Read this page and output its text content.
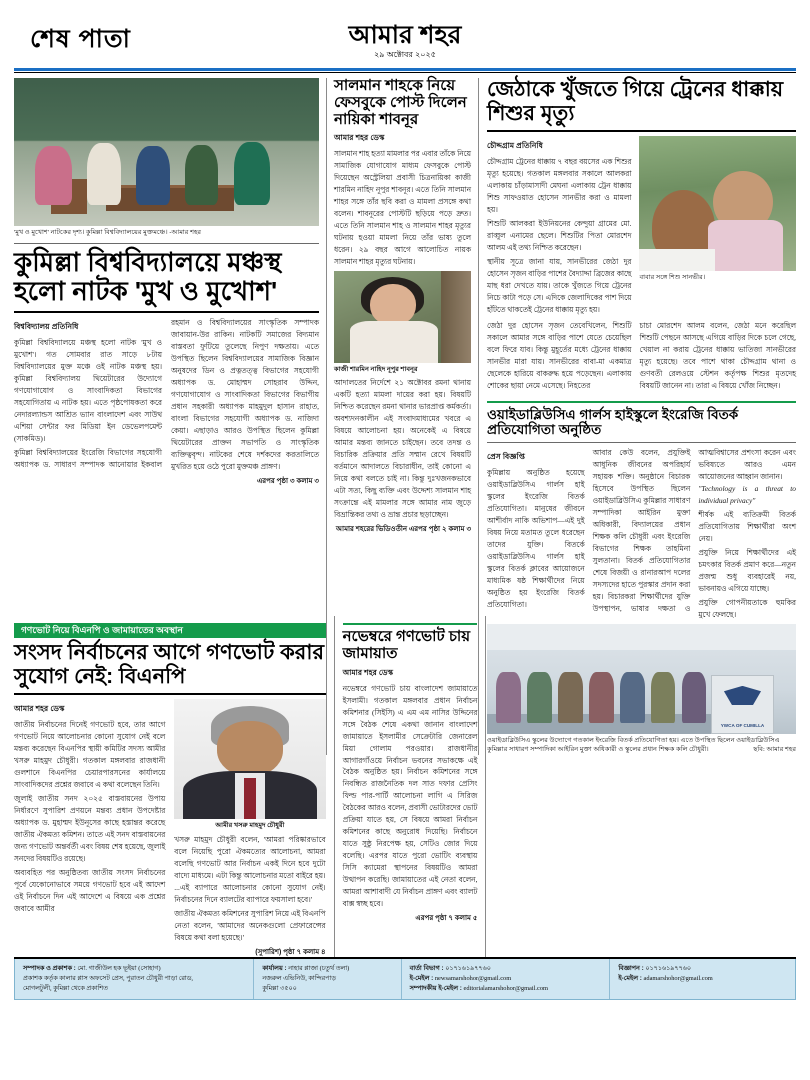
শেষ পাতা	আমার শহর
২৯ অক্টোবর ২০২৫
'মুখ ও মুখোশ' নাটকের দৃশ্য। কুমিল্লা বিশ্ববিদ্যালয়ের মুক্তমঞ্চে। -আমার শহর
কুমিল্লা বিশ্ববিদ্যালয়ে মঞ্চস্থ হলো নাটক 'মুখ ও মুখোশ'
বিশ্ববিদ্যালয় প্রতিনিধি

কুমিল্লা বিশ্ববিদ্যালয়ে মঞ্চস্থ হলো নাটক 'মুখ ও মুখোশ'। গত সোমবার রাত সাড়ে ৮টায় বিশ্ববিদ্যালয়ের মুক্ত মঞ্চে ওই নাটক মঞ্চস্থ হয়। কুমিল্লা বিশ্ববিদ্যালয় থিয়েটারের উদ্যোগে গণযোগাযোগ ও সাংবাদিকতা বিভাগের সহযোগিতায় এ নাটক হয়। এতে পৃষ্ঠপোষকতা করে নেদারল্যান্ডস আশ্রিত ভ্যান বাংলাদেশ এবং সাউথ এশিয়া সেন্টার ফর মিডিয়া ইন ডেভেলপমেন্ট (সাকমিড)।

কুমিল্লা বিশ্ববিদ্যালয়ের ইংরেজি বিভাগের সহযোগী অধ্যাপক ড. সাধারণ সম্পাদক আনোয়ার ইকবাল রহমান ও বিশ্ববিদ্যালয়ের সাংস্কৃতিক সম্পাদক জাবায়ান-উর রাকিন। নাটকটি সমাজের বিদ্যমান বাস্তবতা ফুটিয়ে তুলেছে নিপুণ দক্ষতায়। এতে উপস্থিত ছিলেন বিশ্ববিদ্যালয়ের সামাজিক বিজ্ঞান অনুষদের ডিন ও প্রত্নতত্ত্ব বিভাগের সহযোগী অধ্যাপক ড. মোহাম্মদ সোহরাব উদ্দিন, গণযোগাযোগ ও সাংবাদিকতা বিভাগের বিভাগীয় প্রধান সহকারী অধ্যাপক মাহমুদুল হাসান রাহাত, বাংলা বিভাগের সহযোগী অধ্যাপক ড. নাজিদা কেয়া। এছাড়াও আরও উপস্থিত ছিলেন কুমিল্লা থিয়েটারের প্রাক্তন সভাপতি ও সাংস্কৃতিক ব্যক্তিত্ববৃন্দ। নাটকের শেষে দর্শকদের করতালিতে মুখরিত হয়ে ওঠে পুরো মুক্তমঞ্চ প্রাঙ্গণ।

এরপর পৃষ্ঠা ৩ কলাম ৩
সালমান শাহকে নিয়ে ফেসবুকে পোস্ট দিলেন নায়িকা শাবনূর
আমার শহর ডেস্ক

সালমান শাহ হত্যা মামলার পর এবার তাঁকে নিয়ে সামাজিক যোগাযোগ মাধ্যম ফেসবুকে পোস্ট দিয়েছেন অস্ট্রেলিয়া প্রবাসী চিত্রনায়িকা কাজী শারমিন নাহিদ নূপুর শাবনূর। এতে তিনি সালমান শাহর সঙ্গে তাঁর ছবি করা ও মামলা প্রসঙ্গে কথা বলেন। শাবনূরের পোস্টটি ছড়িয়ে পড়ে দ্রুত। এতে তিনি সালমান শাহ ও সালমান শাহর মৃত্যুর ঘটনায় হওয়া মামলা নিয়ে তাঁর ভাষ্য তুলে ধরেন। ২৯ বছর আগে আলোচিত নায়ক সালমান শাহর মৃত্যুর ঘটনায়।

কাজী শারমিন নাহিদ নূপুর শাবনূর

আদালতের নির্দেশে ২১ অক্টোবর রমনা থানায় একটি হত্যা মামলা দায়ের করা হয়। বিষয়টি নিশ্চিত করেছেন রমনা থানার ভারপ্রাপ্ত কর্মকর্তা। অবশ্যদনকালীন এই সংবাদমাধ্যমের খবরে এ বিষয়ে আলোচনা হয়। অনেকেই এ বিষয়ে আমার মন্তব্য জানতে চাইছেন। তবে তদন্ত ও বিচারিক প্রক্রিয়ার প্রতি সম্মান রেখে বিষয়টি বর্তমানে আদালতে বিচারাধীন, তাই কোনো এ নিয়ে কথা বলতে চাই না। কিন্তু দুঃখজনকভাবে এটা সত্য, কিছু ব্যক্তি এবং উদ্দেশ্য সালমান শাহ সংক্রান্তে এই মামলার সঙ্গে আমার নাম জুড়ে বিভ্রান্তিকর তথ্য ও ভ্রান্ত প্রচার ছড়াচ্ছেন।

আমার শহরের ভিডিওতীন এরপর পৃষ্ঠা ২ কলাম ৩
জেঠাকে খুঁজতে গিয়ে ট্রেনের ধাক্কায় শিশুর মৃত্যু
চৌদ্দগ্রাম প্রতিনিধি

চৌদ্দগ্রাম ট্রেনের ধাক্কায় ৭ বছর বয়সের এক শিশুর মৃত্যু হয়েছে। গতকাল মঙ্গলবার সকালে আলকরা এলাকায় চাঁড়ামাসাদী মেঘনা এলাকায় ট্রেন ধাক্কায় শিশু সাফওয়াত হোসেন সানভীর করা ও মামলা হয়।

শিশুটি আলকরা ইউনিয়নের কেন্দুয়া গ্রামের মো. রাব্বুল এনামের ছেলে। শিশুটির পিতা মোরশেদ আলম এই তথ্য নিশ্চিত করেছেন।

স্থানীয় সূত্রে জানা যায়, সানভীরের জেঠা দুর হোসেন সৃজন বাড়ির পাশের বৈদ্যাদ্দা ব্রিজের কাছে মাছ ধরা দেখতে যায়। তাকে খুঁজতে গিয়ে ট্রেনের নিচে কাটা পড়ে সে। এদিকে জেলাদিকের পাশ দিয়ে হাঁটতে থাকতেই ট্রেনের ধাক্কায় মৃত্যু হয়।

বাবার সঙ্গে শিশু সানভীর।

জেঠা দুর হোসেন সৃজন তেবেখিলেন, শিশুটি সকালে আমার সঙ্গে বাড়ির পাশে যেতে চেয়েছিল বলে ফিরে যাব। কিন্তু মুহূর্তের মধ্যে ট্রেনের ধাক্কায় সানভীর মারা যায়। সানভীরের বাবা-মা একমাত্র ছেলেকে হারিয়ে বাকরুদ্ধ হয়ে পড়েছেন। এলাকায় শোকের ছায়া নেমে এসেছে। নিহতের

চাচা মোরশেদ আলম বলেন, জেঠা মনে করেছিল শিশুটি পেছনে আসছে এগিয়ে বাড়ির দিকে চলে গেছে, খেয়াল না করায় ট্রেনের ধাক্কায় ভাতিজা সানভীরের মৃত্যু হয়েছে। তবে পাশে থাকা চৌদ্দগ্রাম থানা ও গুণবতী রেলওয়ে স্টেশন কর্তৃপক্ষ শিশুর মৃতদেহ বিষয়টি জানেন না। তারা এ বিষয়ে খোঁজ নিচ্ছেন।

ওয়াইডাব্লিউসিএ গার্লস হাইস্কুলে ইংরেজি বিতর্ক প্রতিযোগিতা অনুষ্ঠিত
প্রেস বিজ্ঞপ্তি

কুমিল্লায় অনুষ্ঠিত হয়েছে ওয়াইডাব্লিউসিএ গার্লস হাই স্কুলের ইংরেজি বিতর্ক প্রতিযোগিতা। মানুষের জীবনে আশীর্বাদ নাকি অভিশাপ—এই দুই বিষয় নিয়ে মতামত তুলে ধরেছেন তাদের যুক্তি। বিতর্কে ওয়াইডাব্লিউসিএ গার্লস হাই স্কুলের বিতর্ক ক্লাবের আয়োজনে মাধ্যমিক ষষ্ঠ শিক্ষার্থীদের নিয়ে অনুষ্ঠিত হয় ইংরেজি বিতর্ক প্রতিযোগিতা।

আবার কেউ বলেন, প্রযুক্তিই আধুনিক জীবনের অপরিহার্য সহায়ক শক্তি। অনুষ্ঠানে বিচারক হিসেবে উপস্থিত ছিলেন ওয়াইডাব্লিউসিএ কুমিল্লার সাধারণ সম্পাদিকা আইরিন মুক্তা অধিকারী, বিদ্যালয়ের প্রধান শিক্ষক কলি চৌধুরী এবং ইংরেজি বিভাগের শিক্ষক তাহমিনা সুলতানা। বিতর্ক প্রতিযোগিতার শেষে বিজয়ী ও রানারআপ দলের সদস্যদের হাতে পুরস্কার প্রদান করা হয়। বিচারকরা শিক্ষার্থীদের যুক্তি উপস্থাপন, ভাষার দক্ষতা ও আত্মবিশ্বাসের প্রশংসা করেন এবং ভবিষ্যতে আরও এমন আয়োজনের আহ্বান জানান।

"Technology is a threat to individual privacy"

শীর্ষক এই ব্যতিক্রমী বিতর্ক প্রতিযোগিতায় শিক্ষার্থীরা অংশ নেয়।

প্রযুক্তি নিয়ে শিক্ষার্থীদের এই চমৎকার বিতর্ক প্রমাণ করে—নতুন প্রজন্ম শুধু ব্যবহারেই নয়, ভাবনায়ও এগিয়ে যাচ্ছে।

প্রযুক্তি গোপনীয়তাকে হুমকির মুখে ফেলছে।

YWCA OF CUMILLA
ওয়াইডাব্লিউসিএ স্কুলের উদ্যোগে গতকাল ইংরেজি বিতর্ক প্রতিযোগিতা হয়। এতে উপস্থিত ছিলেন ওয়াইডাব্লিউসিএ কুমিল্লার সাধারণ সম্পাদিকা আইরিন মুক্তা অধিকারী ও স্কুলের প্রধান শিক্ষক কলি চৌধুরী।	ছবি: আমার শহর
গণভোট নিয়ে বিএনপি ও জামায়াতের অবস্থান
সংসদ নির্বাচনের আগে গণভোট করার সুযোগ নেই: বিএনপি
আমার শহর ডেস্ক

জাতীয় নির্বাচনের দিনেই গণভোট হবে, তার আগে গণভোট নিয়ে আলোচনার কোনো সুযোগ নেই বলে মন্তব্য করেছেন বিএনপির স্থায়ী কমিটির সদস্য আমীর খসরু মাহমুদ চৌধুরী। গতকাল মঙ্গলবার রাজধানী গুলশানে বিএনপির চেয়ারপারসনের কার্যালয়ে সাংবাদিকদের প্রশ্নের জবাবে এ কথা বলেছেন তিনি।

জুলাই জাতীয় সনদ ২০২৫ বাস্তবায়নের উপায় নির্ধারণে সুপারিশ প্রণয়নে মন্তব্য প্রধান উপদেষ্টার অধ্যাপক ড. মুহাম্মদ ইউনূসের কাছে হস্তান্তর করেছে জাতীয় ঐকমত্য কমিশন। তাতে এই সনদ বাস্তবায়নের জন্য গণভোট অন্তর্বর্তী এবং বিষয় শেষ হয়েছে, জুলাই সনদের বিষয়টিও রয়েছে।

অব্যবহিত পর অনুষ্ঠিতব্য জাতীয় সংসদ নির্বাচনের পূর্বে যেকোনোভাবে সময়ে গণভোট হবে এই আদেশ ওই নির্বাচনে দিন এই আদেশে এ বিষয়ে এক প্রশ্নের জবাবে আমীর

আমীর খসরু মাহমুদ চৌধুরী

খসরু মাহমুদ চৌধুরী বলেন, 'আমরা পরিষ্কারভাবে বলে নিয়েছি পুরো ঐকমত্যের আলোচনা, আমরা বলেছি গণভোট আর নির্বাচন একই দিনে হবে দুটো বাদ্যে মাধ্যমে। এটা কিন্তু আলোচনার মতো বাইরে হয়। ...এই ব্যাপারে আলোচনার কোনো সুযোগ নেই। নির্বাচনের দিনে ব্যালটের ব্যাপারে ফয়সালা হবে।'

জাতীয় ঐকমত্য কমিশনের সুপারিশ নিয়ে এই বিএনপি নেতা বলেন, 'আমাদের অনেকগুলো প্রেফারেন্সের বিষয়ে কথা বলা হয়েছে।'

(সুপারিশ) পৃষ্ঠা ৭ কলাম ৪
নভেম্বরে গণভোট চায় জামায়াত
আমার শহর ডেস্ক

নভেম্বরে গণভোট চায় বাংলাদেশ জামায়াতে ইসলামী। গতকাল মঙ্গলবার প্রধান নির্বাচন কমিশনার (সিইসি) এ এম এম নাসির উদ্দিনের সঙ্গে বৈঠক শেষে একথা জানান বাংলাদেশ জামায়াতে ইসলামীর সেক্রেটারি জেনারেল মিয়া গোলাম পরওয়ার। রাজধানীর আগারগাঁওয়ে নির্বাচন ভবনের সভাকক্ষে এই বৈঠক অনুষ্ঠিত হয়। নির্বাচন কমিশনের সঙ্গে নিবন্ধিত রাজনৈতিক দল সাত দফার প্রেসিং ফিল্ড পার-পার্টি আলোচনা লাগি এ সিরিজ বৈঠকের আরও বলেন, প্রবাসী ভোটারদের ভোট প্রক্রিয়া যাতে হয়, সে বিষয়ে আমরা নির্বাচন কমিশনের কাছে অনুরোধ দিয়েছি। নির্বাচনে যাতে সুষ্ঠু নিরপেক্ষ হয়, সেটিও জোর দিয়ে বলেছি। এরপর যাতে পুরো ভোটিং ব্যবস্থায় সিসি ক্যামেরা স্থাপনের বিষয়টিও আমরা উত্থাপন করেছি। জামায়াতের এই নেতা বলেন, আমরা আশাবাদী যে নির্বাচন প্রাঙ্গণ এবং ব্যালট বাক্স স্বচ্ছ হবে।

এরপর পৃষ্ঠা ৭ কলাম ৫
সম্পাদক ও প্রকাশক : মো. গাজীউল হক ভূইয়া (সোহাগ)
প্রকাশক কর্তৃক কালার প্লাস অফসেট প্রেস, পুরাতন চৌধুরী পাড়া রোড,
মোগলটুলী, কুমিল্লা থেকে প্রকাশিত
কার্যালয় : নাহার প্লাজা (চতুর্থ তলা)
নজরুল এভিনিউ, কান্দিরপাড়
কুমিল্লা ৩৫০০
বার্তা বিভাগ : ০১৭১৬১৯৭৭৬০
ই-মেইল : newsamarshohor@gmail.com
সম্পাদকীয় ই-মেইল : editorialamarshohor@gmail.com
বিজ্ঞাপন : ০১৭১৬১৯৭৭৬০
ই-মেইল : adamarshohor@gmail.com
